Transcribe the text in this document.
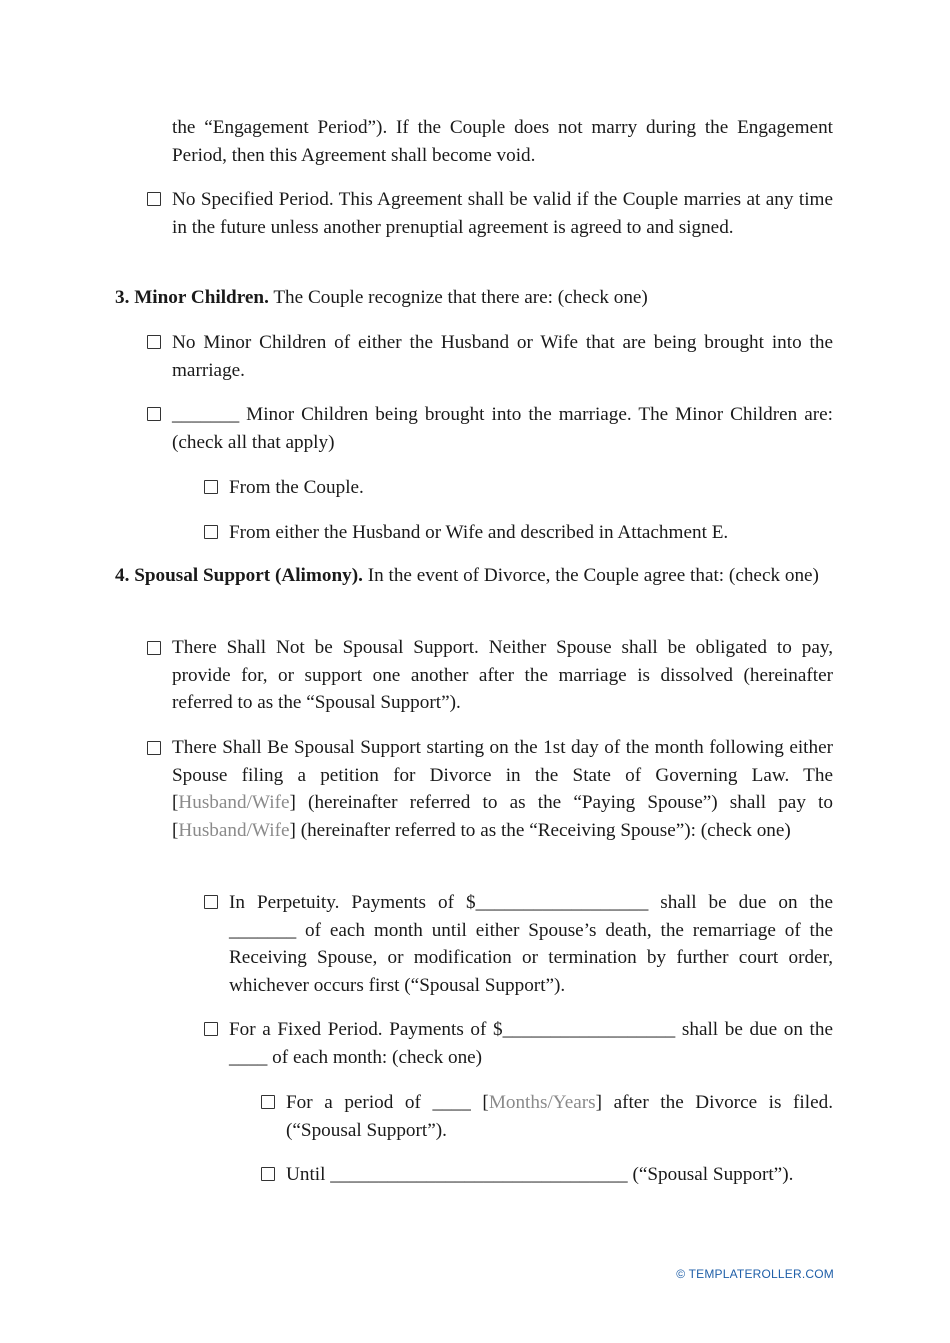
the “Engagement Period”). If the Couple does not marry during the Engagement Period, then this Agreement shall become void.

No Specified Period. This Agreement shall be valid if the Couple marries at any time in the future unless another prenuptial agreement is agreed to and signed.

3. Minor Children. The Couple recognize that there are: (check one)

No Minor Children of either the Husband or Wife that are being brought into the marriage.

_______ Minor Children being brought into the marriage. The Minor Children are: (check all that apply)

From the Couple.

From either the Husband or Wife and described in Attachment E.

4. Spousal Support (Alimony). In the event of Divorce, the Couple agree that: (check one)

There Shall Not be Spousal Support. Neither Spouse shall be obligated to pay, provide for, or support one another after the marriage is dissolved (hereinafter referred to as the “Spousal Support”).

There Shall Be Spousal Support starting on the 1st day of the month following either Spouse filing a petition for Divorce in the State of Governing Law. The [Husband/Wife] (hereinafter referred to as the “Paying Spouse”) shall pay to [Husband/Wife] (hereinafter referred to as the “Receiving Spouse”): (check one)

In Perpetuity. Payments of $__________________ shall be due on the _______ of each month until either Spouse’s death, the remarriage of the Receiving Spouse, or modification or termination by further court order, whichever occurs first (“Spousal Support”).

For a Fixed Period. Payments of $__________________ shall be due on the ____ of each month: (check one)

For a period of ____ [Months/Years] after the Divorce is filed. (“Spousal Support”).

Until _______________________________ (“Spousal Support”).

© TEMPLATEROLLER.COM
